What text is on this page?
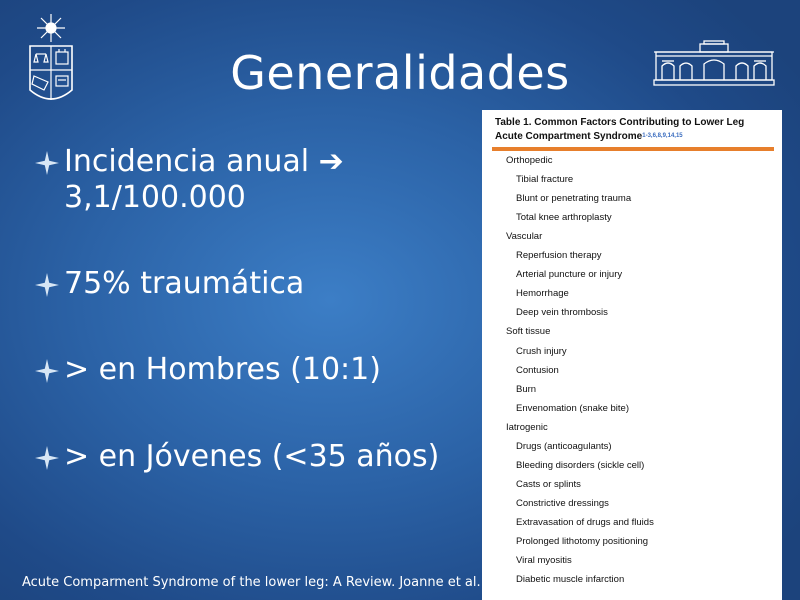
Generalidades
Incidencia anual ➔
3,1/100.000
75% traumática
> en Hombres (10:1)
> en Jóvenes (<35 años)
Table 1. Common Factors Contributing to Lower Leg
Acute Compartment Syndrome$^{1-3,6,8,9,14,15}$
Orthopedic
Tibial fracture
Blunt or penetrating trauma
Total knee arthroplasty
Vascular
Reperfusion therapy
Arterial puncture or injury
Hemorrhage
Deep vein thrombosis
Soft tissue
Crush injury
Contusion
Burn
Envenomation (snake bite)
Iatrogenic
Drugs (anticoagulants)
Bleeding disorders (sickle cell)
Casts or splints
Constrictive dressings
Extravasation of drugs and fluids
Prolonged lithotomy positioning
Viral myositis
Diabetic muscle infarction
Acute Comparment Syndrome of the lower leg: A Review. Joanne et al. JN	l
